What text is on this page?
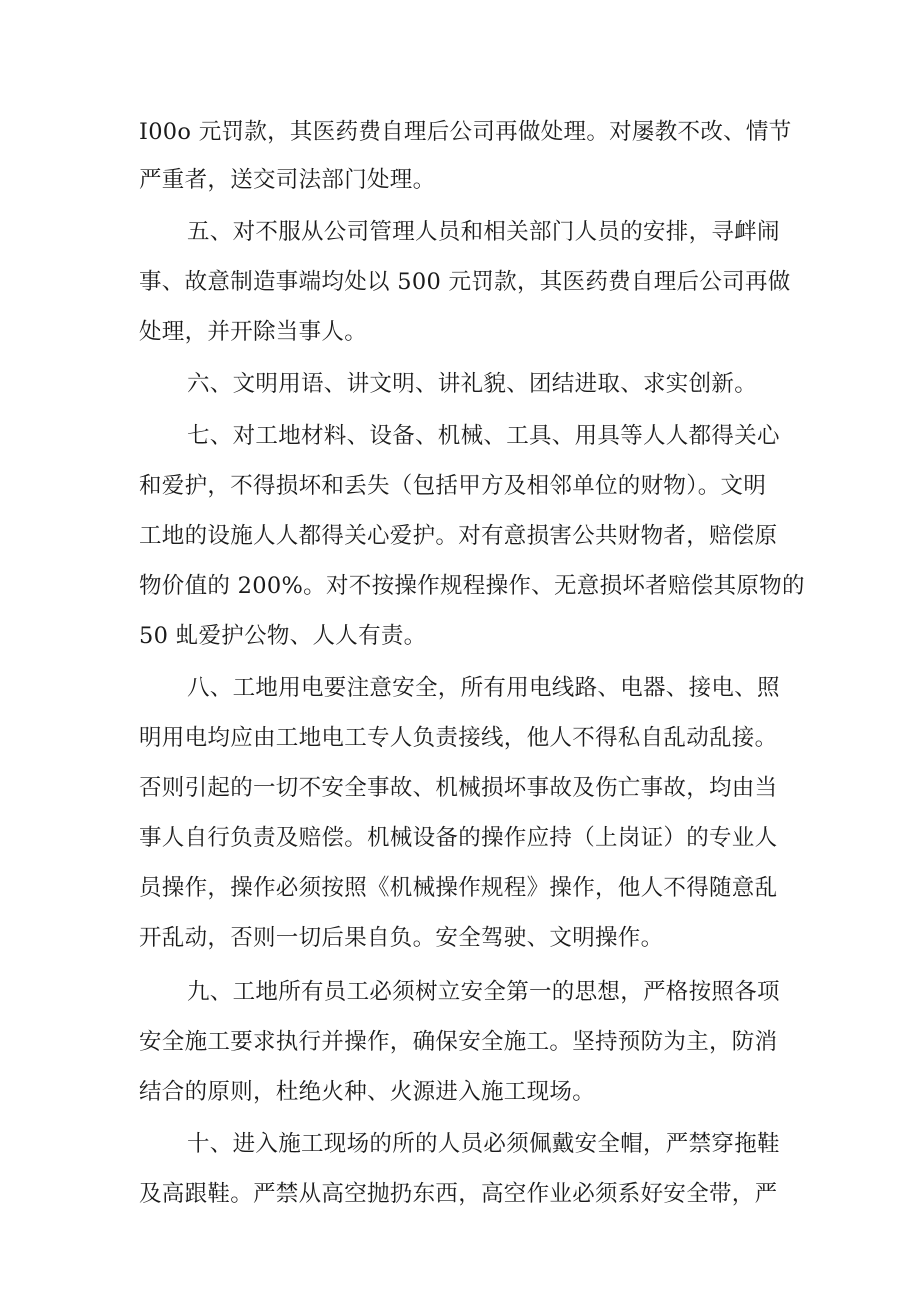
I00o 元罚款，其医药费自理后公司再做处理。对屡教不改、情节
严重者，送交司法部门处理。
五、对不服从公司管理人员和相关部门人员的安排，寻衅闹
事、故意制造事端均处以 500 元罚款，其医药费自理后公司再做
处理，并开除当事人。
六、文明用语、讲文明、讲礼貌、团结进取、求实创新。
七、对工地材料、设备、机械、工具、用具等人人都得关心
和爱护，不得损坏和丢失（包括甲方及相邻单位的财物）。文明
工地的设施人人都得关心爱护。对有意损害公共财物者，赔偿原
物价值的 200%。对不按操作规程操作、无意损坏者赔偿其原物的
50 虬爱护公物、人人有责。
八、工地用电要注意安全，所有用电线路、电器、接电、照
明用电均应由工地电工专人负责接线，他人不得私自乱动乱接。
否则引起的一切不安全事故、机械损坏事故及伤亡事故，均由当
事人自行负责及赔偿。机械设备的操作应持（上岗证）的专业人
员操作，操作必须按照《机械操作规程》操作，他人不得随意乱
开乱动，否则一切后果自负。安全驾驶、文明操作。
九、工地所有员工必须树立安全第一的思想，严格按照各项
安全施工要求执行并操作，确保安全施工。坚持预防为主，防消
结合的原则，杜绝火种、火源进入施工现场。
十、进入施工现场的所的人员必须佩戴安全帽，严禁穿拖鞋
及高跟鞋。严禁从高空抛扔东西，高空作业必须系好安全带，严
